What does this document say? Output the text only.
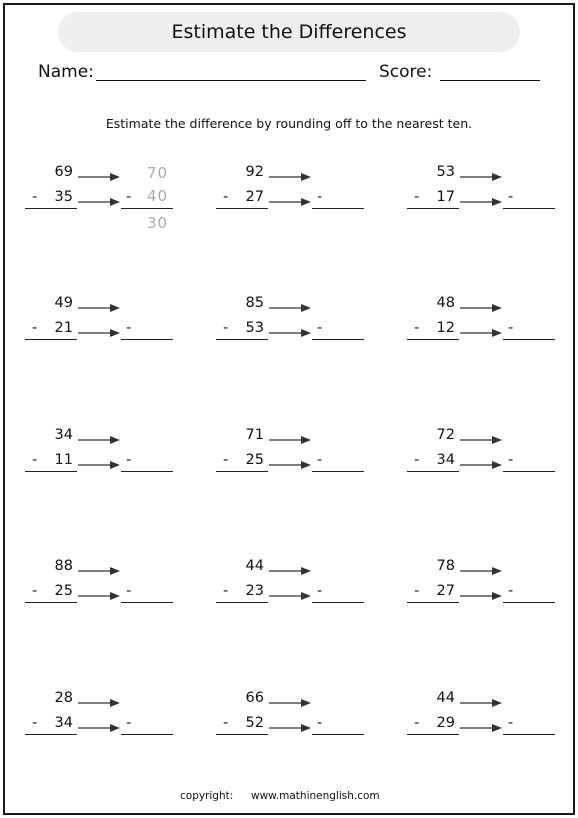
Estimate the Differences
Name:	Score:
Estimate the difference by rounding off to the nearest ten.
69
- 35	-
70
40
30
92
- 27	-
53
- 17	-
49
- 21	-
85
- 53	-
48
- 12	-
34
- 11	-
71
- 25	-
72
- 34	-
88
- 25	-
44
- 23	-
78
- 27	-
28
- 34	-
66
- 52	-
44
- 29	-
copyright: www.mathinenglish.com
